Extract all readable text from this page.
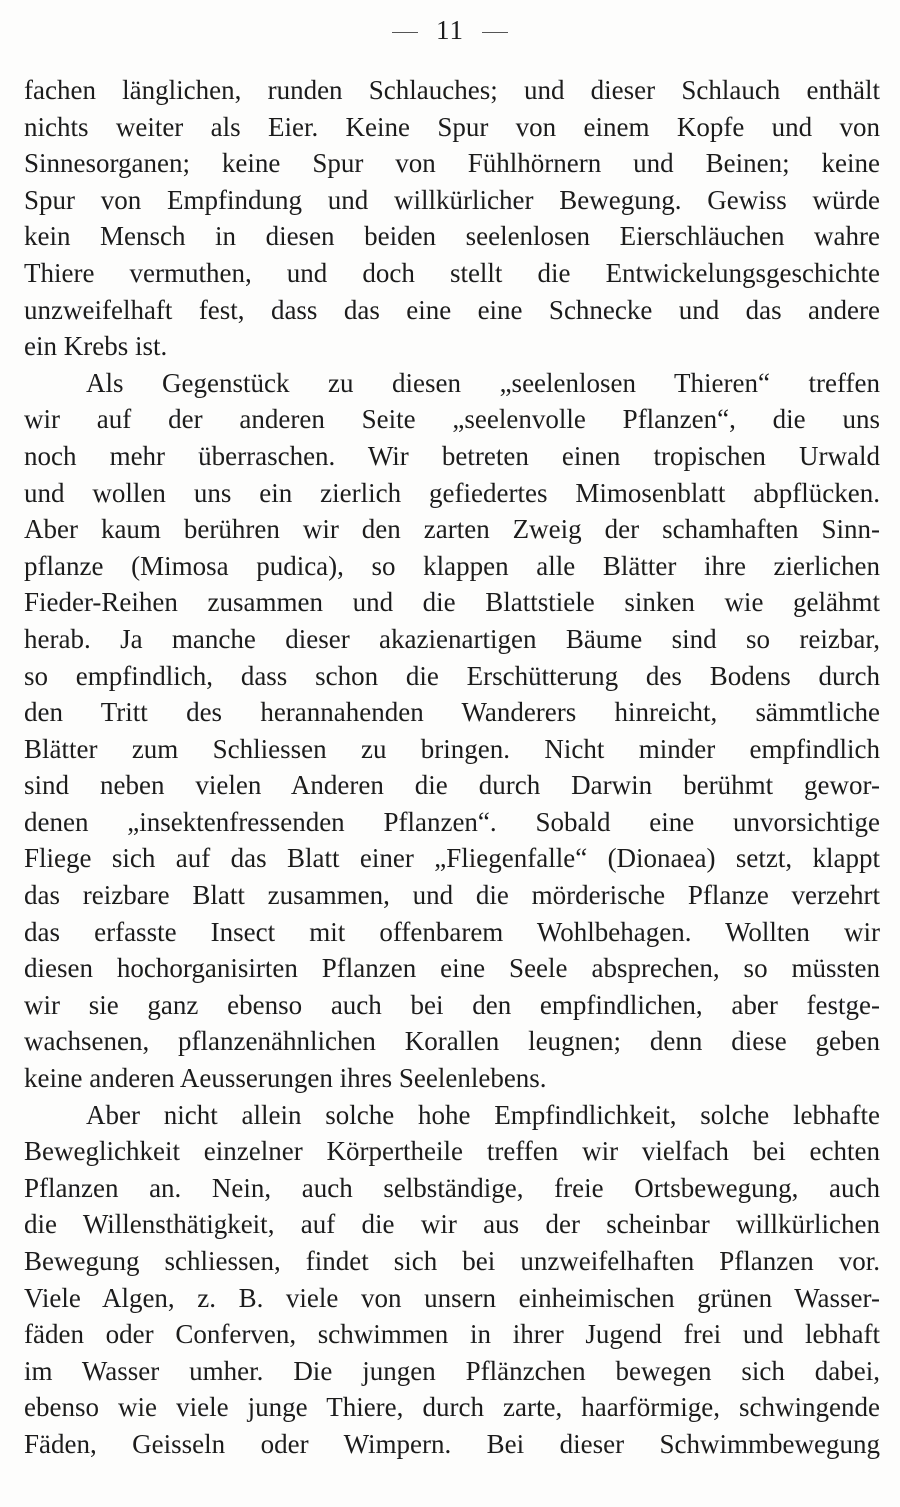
11
fachen länglichen, runden Schlauches; und dieser Schlauch enthält
nichts weiter als Eier. Keine Spur von einem Kopfe und von
Sinnesorganen; keine Spur von Fühlhörnern und Beinen; keine
Spur von Empfindung und willkürlicher Bewegung. Gewiss würde
kein Mensch in diesen beiden seelenlosen Eierschläuchen wahre
Thiere vermuthen, und doch stellt die Entwickelungsgeschichte
unzweifelhaft fest, dass das eine eine Schnecke und das andere
ein Krebs ist.
Als Gegenstück zu diesen „seelenlosen Thieren“ treffen
wir auf der anderen Seite „seelenvolle Pflanzen“, die uns
noch mehr überraschen. Wir betreten einen tropischen Urwald
und wollen uns ein zierlich gefiedertes Mimosenblatt abpflücken.
Aber kaum berühren wir den zarten Zweig der schamhaften Sinn-
pflanze (Mimosa pudica), so klappen alle Blätter ihre zierlichen
Fieder-Reihen zusammen und die Blattstiele sinken wie gelähmt
herab. Ja manche dieser akazienartigen Bäume sind so reizbar,
so empfindlich, dass schon die Erschütterung des Bodens durch
den Tritt des herannahenden Wanderers hinreicht, sämmtliche
Blätter zum Schliessen zu bringen. Nicht minder empfindlich
sind neben vielen Anderen die durch Darwin berühmt gewor-
denen „insektenfressenden Pflanzen“. Sobald eine unvorsichtige
Fliege sich auf das Blatt einer „Fliegenfalle“ (Dionaea) setzt, klappt
das reizbare Blatt zusammen, und die mörderische Pflanze verzehrt
das erfasste Insect mit offenbarem Wohlbehagen. Wollten wir
diesen hochorganisirten Pflanzen eine Seele absprechen, so müssten
wir sie ganz ebenso auch bei den empfindlichen, aber festge-
wachsenen, pflanzenähnlichen Korallen leugnen; denn diese geben
keine anderen Aeusserungen ihres Seelenlebens.
Aber nicht allein solche hohe Empfindlichkeit, solche lebhafte
Beweglichkeit einzelner Körpertheile treffen wir vielfach bei echten
Pflanzen an. Nein, auch selbständige, freie Ortsbewegung, auch
die Willensthätigkeit, auf die wir aus der scheinbar willkürlichen
Bewegung schliessen, findet sich bei unzweifelhaften Pflanzen vor.
Viele Algen, z. B. viele von unsern einheimischen grünen Wasser-
fäden oder Conferven, schwimmen in ihrer Jugend frei und lebhaft
im Wasser umher. Die jungen Pflänzchen bewegen sich dabei,
ebenso wie viele junge Thiere, durch zarte, haarförmige, schwingende
Fäden, Geisseln oder Wimpern. Bei dieser Schwimmbewegung
